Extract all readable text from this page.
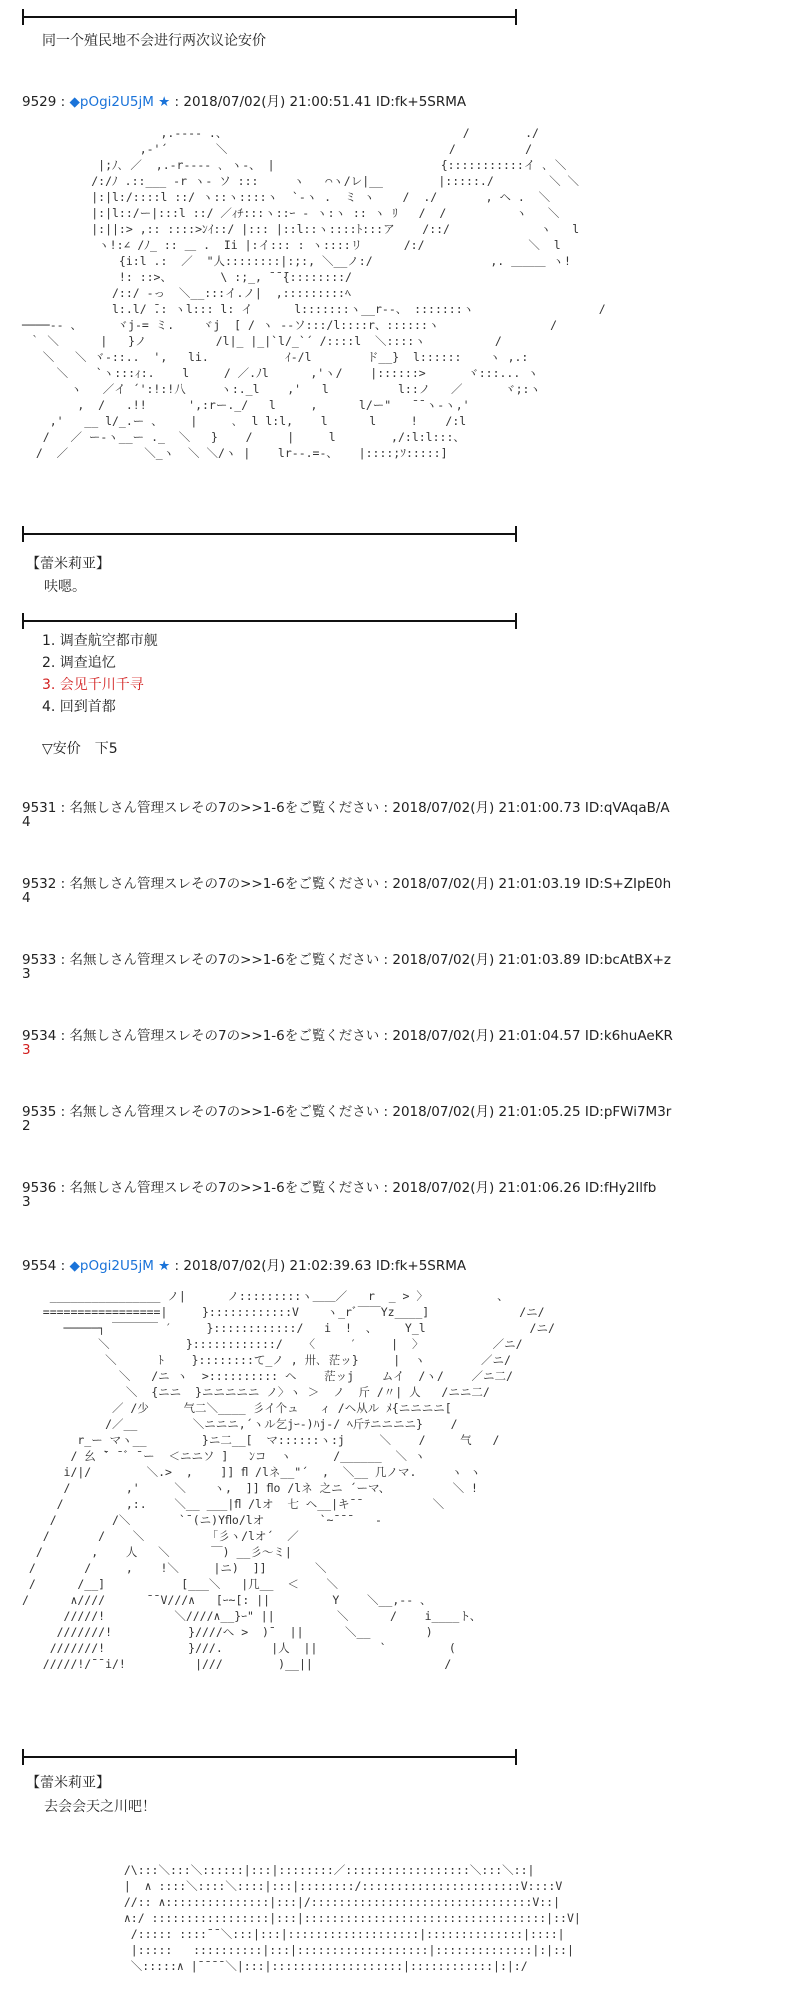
同一个殖民地不会进行两次议论安价
9529 : ◆pOgi2U5jM ★ : 2018/07/02(月) 21:00:51.41 ID:fk+5SRMA
,.-‐‐- .、                                  /        ./
,-'´       ＼                                /          /
|;ﾉ､ ／  ,.-r‐‐-- ､ ヽ-、 |                        {:::::::::::イ ､ ＼
/:/ﾉ .::___ -r ヽ‐ ソ :::     ヽ   ⌒ヽ/レ|__        |:::::./        ＼ ＼
|:|l:/::::l ::/ ヽ::ヽ::::ヽ  `-ヽ .  ミ ヽ    /  ./       , ヘ .  ＼
|:|l::/ー|:::l ::/ ／ｨﾁ:::ヽ::ｰ - ヽ:ヽ :: ヽ ﾘ   /  /          ヽ   ＼
|:||:> ,:: ::::>ﾝｲ::/ |::: |::l::ヽ::::ﾄ:::ア    /::/             ヽ   l
ヽ!:∠ /ﾉ_ :: ＿ .  Ii |:イ::: : ヽ::::リ      /:/               ＼  l
{i:l .:  ／  "人::::::::|:;:, ＼__ノ:/                 ,. ＿＿＿ ヽ!
!: ::>、       \ :;_, ̄ ̄ ̄{::::::::/
/::/ -っ  ＼__:::イ.ノ|  ,:::::::::ﾍ
l:.l/ ̄.: ヽl::: l: イ      l:::::::ヽ__r‐‐、 :::::::ヽ                  /
────-- 、     ヾj-= ミ.    ヾj  [ / ヽ ‐‐ソ:::/l::::r、::::::ヽ                /
｀ ＼      |   }ノ          /l|_ |_|`l/_`´ /::::l  ＼::::ヽ          /
＼   ＼ ヾ-::..  ',   li.           ｲ-/l        ド__}  l::::::    ヽ ,.:
＼    `ヽ:::ｨ:.    l     / ／.ﾉl      ,'ヽ/    |::::::>      ヾ:::... ヽ
ヽ   ／イ ´':!:!八     ヽ:._l    ,'   l          l::ノ   ／      ヾ;:ヽ
,  /   .!!      ',:rー._/   l     ,      l/ー"   ¯¯ヽ-ヽ,'
,'   __ l/_.ー 、    |     ､  l l:l,    l      l     !    /:l
/   ／ ー‐ヽ__ー ._  ＼   }    /     |     l        ,/:l:l:::、
/  ／           ＼_ヽ  ＼ ＼/ヽ |    lr‐-.=-、   |::::;ｿ:::::]

【蕾米莉亚】
呋嗯。
1. 调查航空都市舰
2. 调查追忆
3. 会见千川千寻
4. 回到首都
▽安价　下5
9531 : 名無しさん管理スレその7の>>1-6をご覧ください : 2018/07/02(月) 21:01:00.73 ID:qVAqaB/A
4
9532 : 名無しさん管理スレその7の>>1-6をご覧ください : 2018/07/02(月) 21:01:03.19 ID:S+ZIpE0h
4
9533 : 名無しさん管理スレその7の>>1-6をご覧ください : 2018/07/02(月) 21:01:03.89 ID:bcAtBX+z
3
9534 : 名無しさん管理スレその7の>>1-6をご覧ください : 2018/07/02(月) 21:01:04.57 ID:k6huAeKR
3
9535 : 名無しさん管理スレその7の>>1-6をご覧ください : 2018/07/02(月) 21:01:05.25 ID:pFWi7M3r
2
9536 : 名無しさん管理スレその7の>>1-6をご覧ください : 2018/07/02(月) 21:01:06.26 ID:fHy2Ilfb
3
9554 : ◆pOgi2U5jM ★ : 2018/07/02(月) 21:02:39.63 ID:fk+5SRMA
________________ ノ|      ノ:::::::::ヽ＿＿／   r  _ > 〉          、
=================|     }::::::::::::V    ヽ_rﾞ￣￣Yz____]             /ニ/
─────┐ ￣￣￣￣ ′     }::::::::::::/   i  !  、    Y_l               /ニ/
＼           }::::::::::::/   〈     ′     |  〉          ／ニ/
＼      ﾄ    }::::::::て_ノ , 卅､ 茫ッ}     |  ヽ        ／ニ/
＼   /ニ ヽ  >:::::::::: ヘ    茫ッj    ムイ  /ヽ/    ／ニ二/
＼  {ニニ  }ニニニニニ ノ〉ヽ ＞  ノ  斤 /〃| 人   /ニニ二/
／ /少     气二＼____ 彡イ个ュ   ィ /ヘ从ル ﾒ{ニニニニ[
/／__        ＼ニニニ,´ヽル乞jｰ-)ﾊj‐/ ﾍ斤ﾃニニニニ}    /
r_ー マヽ__        }ニ二__[  マ::::::ヽ:j     ＼    /     气   /
/ 幺 ̄` ̄ ﾞ ̄ ー  ＜ニニソ ]   ﾝコ  ヽ      /______  ＼ ヽ
i/|/        ＼.>  ,    ]] ﬂ /lネ__"´  ,  ＼__ 几ノマ.     ヽ ヽ
/        ,'     ＼    ヽ,  ]] ﬂo /lネ 之ニ ´ーマ、         ＼ !
/         ,:.    ＼__ ___|ﬂ /lオ  七 ヘ__|キ¯¯          ＼
/        /＼       `¯(ニ)Yﬂo/lオ        `~¯¯¯   -
/       /    ＼         「彡ヽ/lオ´  ／
/       ,    人   ＼      ￣) __彡～ミ|
/       /     ,    !＼     |ニ)  ]]       ＼
/      /__]           [___＼   |几__  ＜    ＼
/      ∧////      ¯¯V///∧   [ｰ~[: ||         Y    ＼__,-- 、
/////!          ＼////∧__}ｰ" ||         ＼      /    i____ト、
///////!           }////へ >  )¯  ||      ＼__        )
///////!            }///.       |人  ||         `         (
/////!/¯¯i/!          |///        )__||                   /

【蕾米莉亚】
去会会天之川吧！
/\:::＼:::＼::::::|:::|::::::::／::::::::::::::::::＼:::＼::|
|  ∧ ::::＼::::＼::::|:::|::::::::/:::::::::::::::::::::::V::::V
//:: ∧:::::::::::::::|:::|/::::::::::::::::::::::::::::::::V::|
∧:/ :::::::::::::::::|:::|:::::::::::::::::::::::::::::::::::|::V|
/::::: ::::¯¯＼:::|:::|:::::::::::::::::::|::::::::::::::|::::|
|:::::   ::::::::::|:::|:::::::::::::::::::|::::::::::::::|:|::|
＼:::::∧ |¯¯¯¯＼|:::|:::::::::::::::::::|::::::::::::|:|:/
